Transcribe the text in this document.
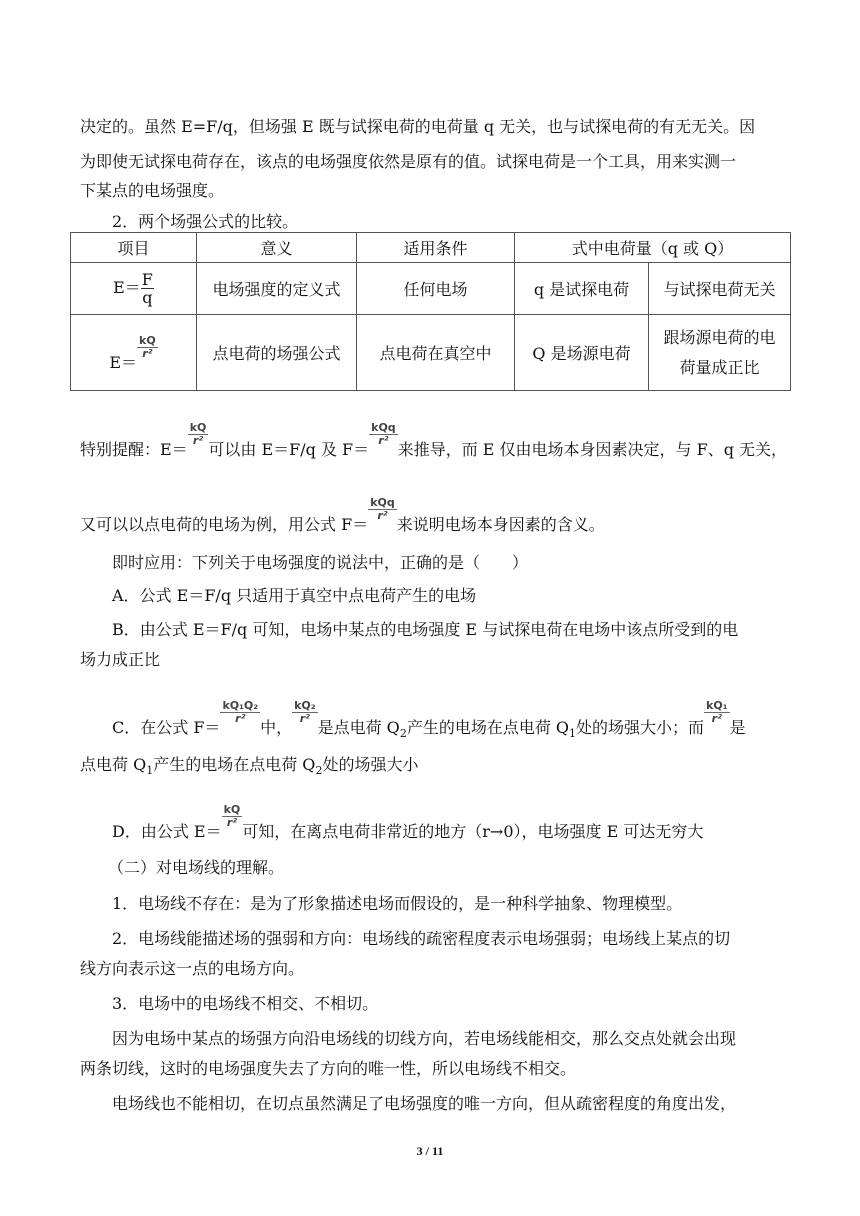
决定的。虽然 E=F/q，但场强 E 既与试探电荷的电荷量 q 无关，也与试探电荷的有无无关。因
为即使无试探电荷存在，该点的电场强度依然是原有的值。试探电荷是一个工具，用来实测一
下某点的电场强度。
2．两个场强公式的比较。
项目	意义	适用条件	式中电荷量（q 或 Q）	
$E= \frac{F}{q}$	电场强度的定义式	任何电场	q 是试探电荷	与试探电荷无关
E＝
$\frac{kQ}{\text{r²}}$	点电荷的场强公式	点电荷在真空中	Q 是场源电荷	跟场源电荷的电
荷量成正比
特别提醒：E＝
$\frac{kQ}{\text{r²}}$
可以由 E＝F/q 及 F＝
$\frac{\text{kQq}}{\text{r²}}$
来推导，而 E 仅由电场本身因素决定，与 F、q 无关，
又可以以点电荷的电场为例，用公式 F＝
$\frac{\text{kQq}}{\text{r²}}$
来说明电场本身因素的含义。
即时应用：下列关于电场强度的说法中，正确的是（　　）
A．公式 E＝F/q 只适用于真空中点电荷产生的电场
B．由公式 E＝F/q 可知，电场中某点的电场强度 E 与试探电荷在电场中该点所受到的电
场力成正比
C．在公式 F＝
$\frac{\text{kQ₁Q₂}}{\text{r²}}$
中，
$\frac{\text{kQ₂}}{\text{r²}}$
是点电荷 $Q_2$产生的电场在点电荷 $Q_1$处的场强大小；而
$\frac{\text{kQ₁}}{\text{r²}}$
是
点电荷 $Q_1$产生的电场在点电荷 $Q_2$处的场强大小
D．由公式 E＝
$\frac{kQ}{\text{r²}}$
可知，在离点电荷非常近的地方（r→0），电场强度 E 可达无穷大
（二）对电场线的理解。
1．电场线不存在：是为了形象描述电场而假设的，是一种科学抽象、物理模型。
2．电场线能描述场的强弱和方向：电场线的疏密程度表示电场强弱；电场线上某点的切
线方向表示这一点的电场方向。
3．电场中的电场线不相交、不相切。
因为电场中某点的场强方向沿电场线的切线方向，若电场线能相交，那么交点处就会出现
两条切线，这时的电场强度失去了方向的唯一性，所以电场线不相交。
电场线也不能相切，在切点虽然满足了电场强度的唯一方向，但从疏密程度的角度出发，
3 / 11
